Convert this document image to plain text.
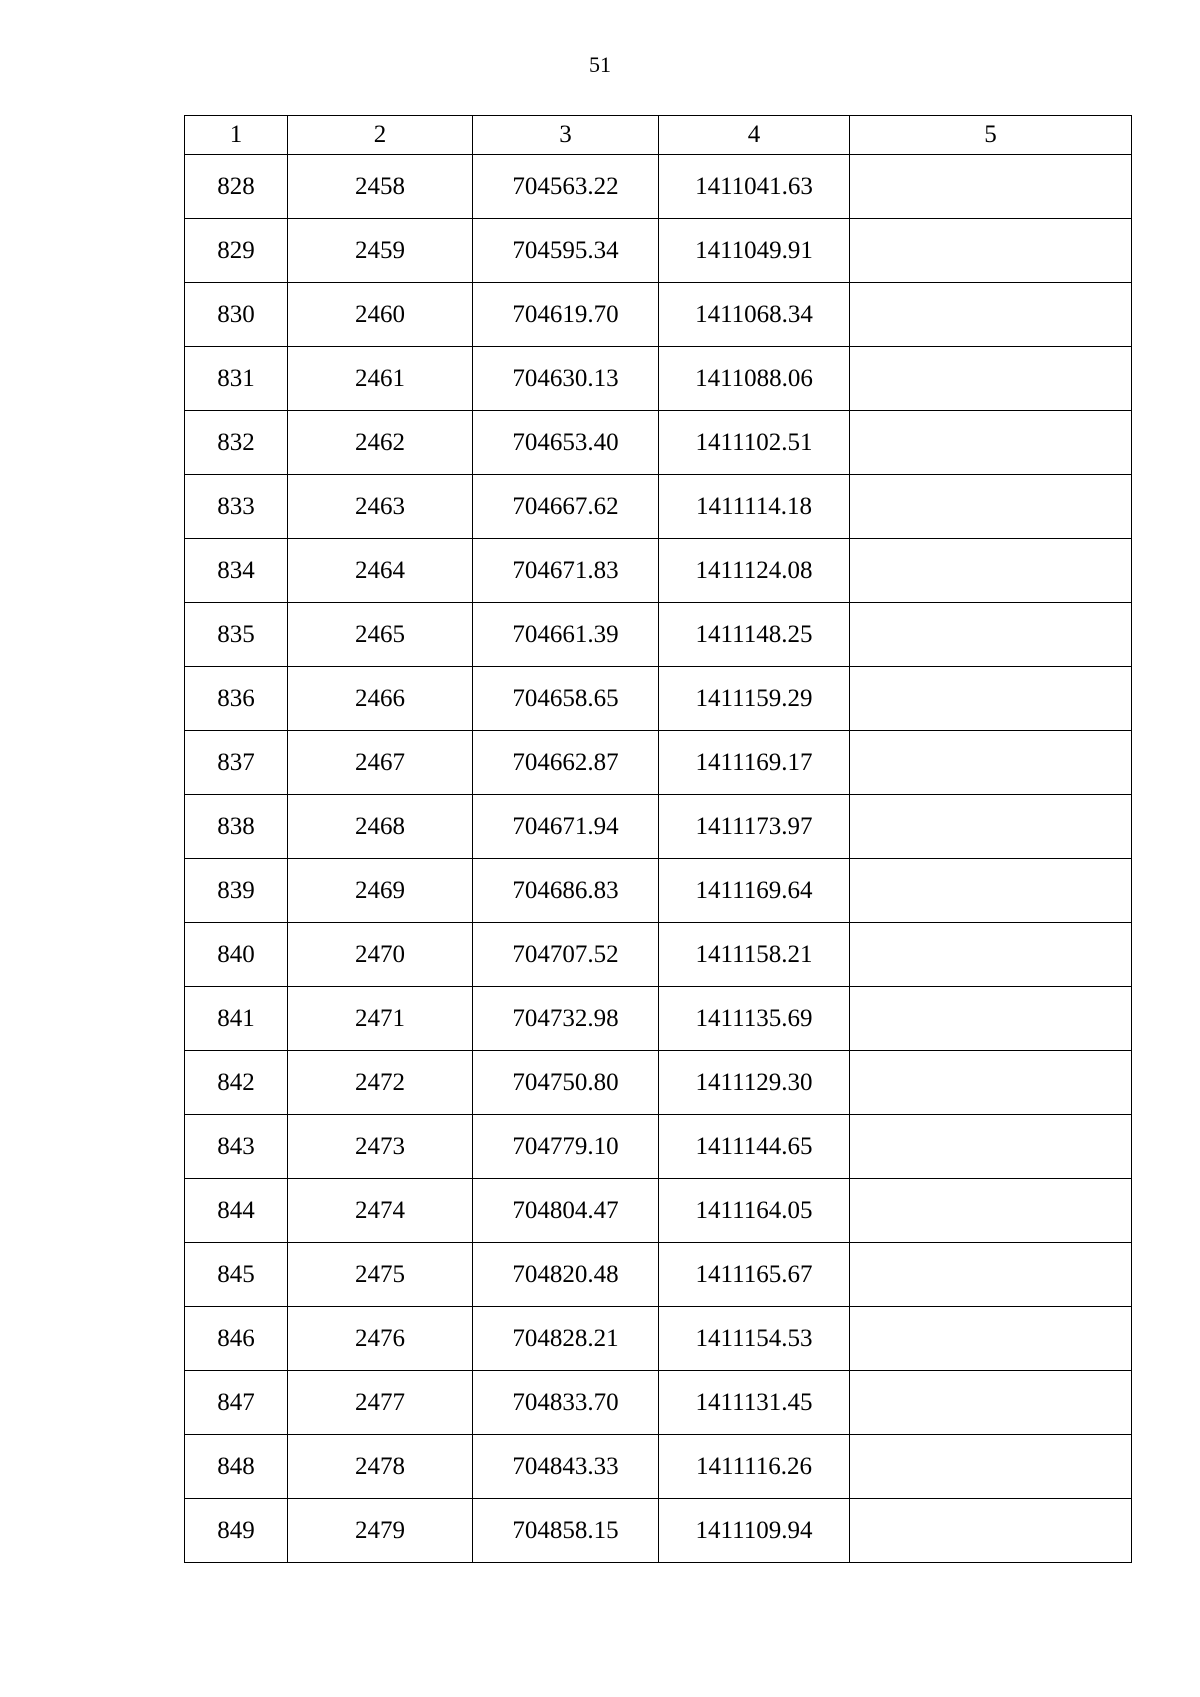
51
1	2	3	4	5
828	2458	704563.22	1411041.63	
829	2459	704595.34	1411049.91	
830	2460	704619.70	1411068.34	
831	2461	704630.13	1411088.06	
832	2462	704653.40	1411102.51	
833	2463	704667.62	1411114.18	
834	2464	704671.83	1411124.08	
835	2465	704661.39	1411148.25	
836	2466	704658.65	1411159.29	
837	2467	704662.87	1411169.17	
838	2468	704671.94	1411173.97	
839	2469	704686.83	1411169.64	
840	2470	704707.52	1411158.21	
841	2471	704732.98	1411135.69	
842	2472	704750.80	1411129.30	
843	2473	704779.10	1411144.65	
844	2474	704804.47	1411164.05	
845	2475	704820.48	1411165.67	
846	2476	704828.21	1411154.53	
847	2477	704833.70	1411131.45	
848	2478	704843.33	1411116.26	
849	2479	704858.15	1411109.94	
